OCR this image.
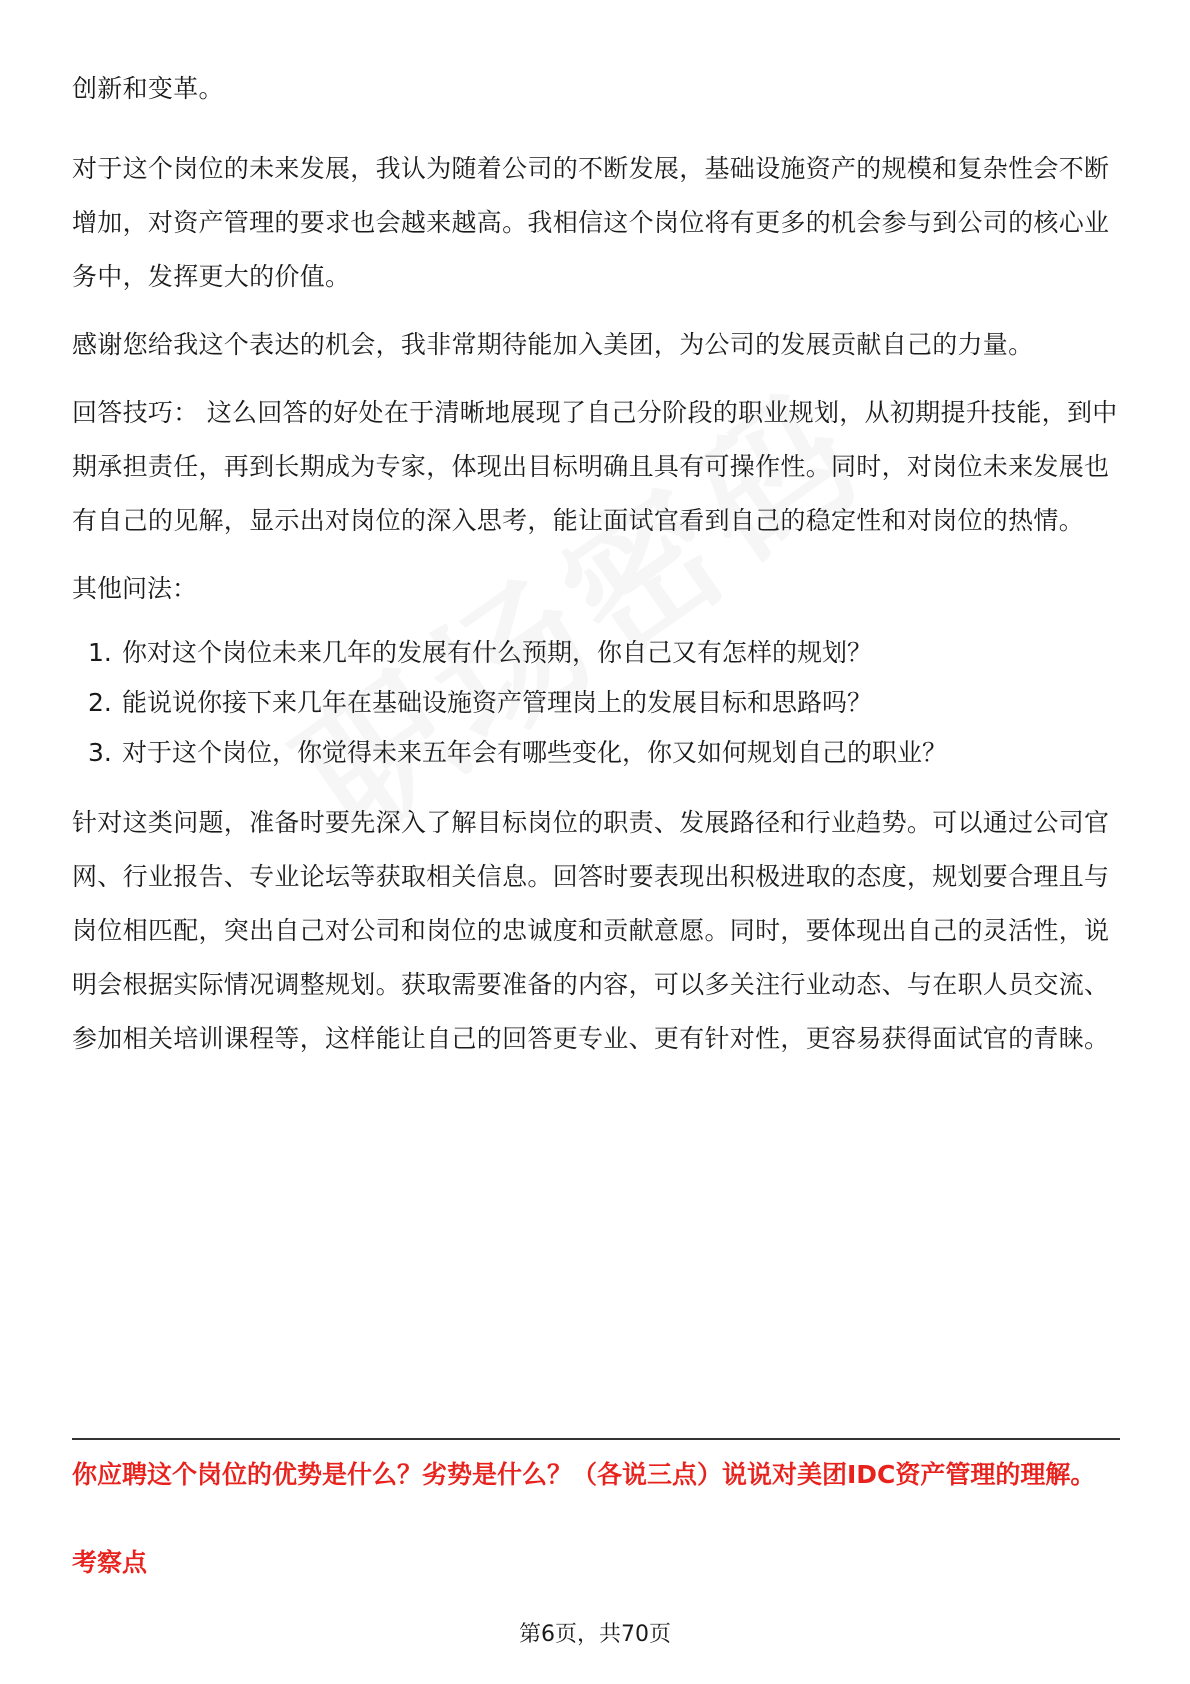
创新和变革。

对于这个岗位的未来发展，我认为随着公司的不断发展，基础设施资产的规模和复杂性会不断增加，对资产管理的要求也会越来越高。我相信这个岗位将有更多的机会参与到公司的核心业务中，发挥更大的价值。

感谢您给我这个表达的机会，我非常期待能加入美团，为公司的发展贡献自己的力量。

回答技巧： 这么回答的好处在于清晰地展现了自己分阶段的职业规划，从初期提升技能，到中期承担责任，再到长期成为专家，体现出目标明确且具有可操作性。同时，对岗位未来发展也有自己的见解，显示出对岗位的深入思考，能让面试官看到自己的稳定性和对岗位的热情。

其他问法：

1. 你对这个岗位未来几年的发展有什么预期，你自己又有怎样的规划？
2. 能说说你接下来几年在基础设施资产管理岗上的发展目标和思路吗？
3. 对于这个岗位，你觉得未来五年会有哪些变化，你又如何规划自己的职业？

针对这类问题，准备时要先深入了解目标岗位的职责、发展路径和行业趋势。可以通过公司官网、行业报告、专业论坛等获取相关信息。回答时要表现出积极进取的态度，规划要合理且与岗位相匹配，突出自己对公司和岗位的忠诚度和贡献意愿。同时，要体现出自己的灵活性，说明会根据实际情况调整规划。获取需要准备的内容，可以多关注行业动态、与在职人员交流、参加相关培训课程等，这样能让自己的回答更专业、更有针对性，更容易获得面试官的青睐。

你应聘这个岗位的优势是什么？劣势是什么？（各说三点）说说对美团IDC资产管理的理解。
考察点
第6页，共70页
